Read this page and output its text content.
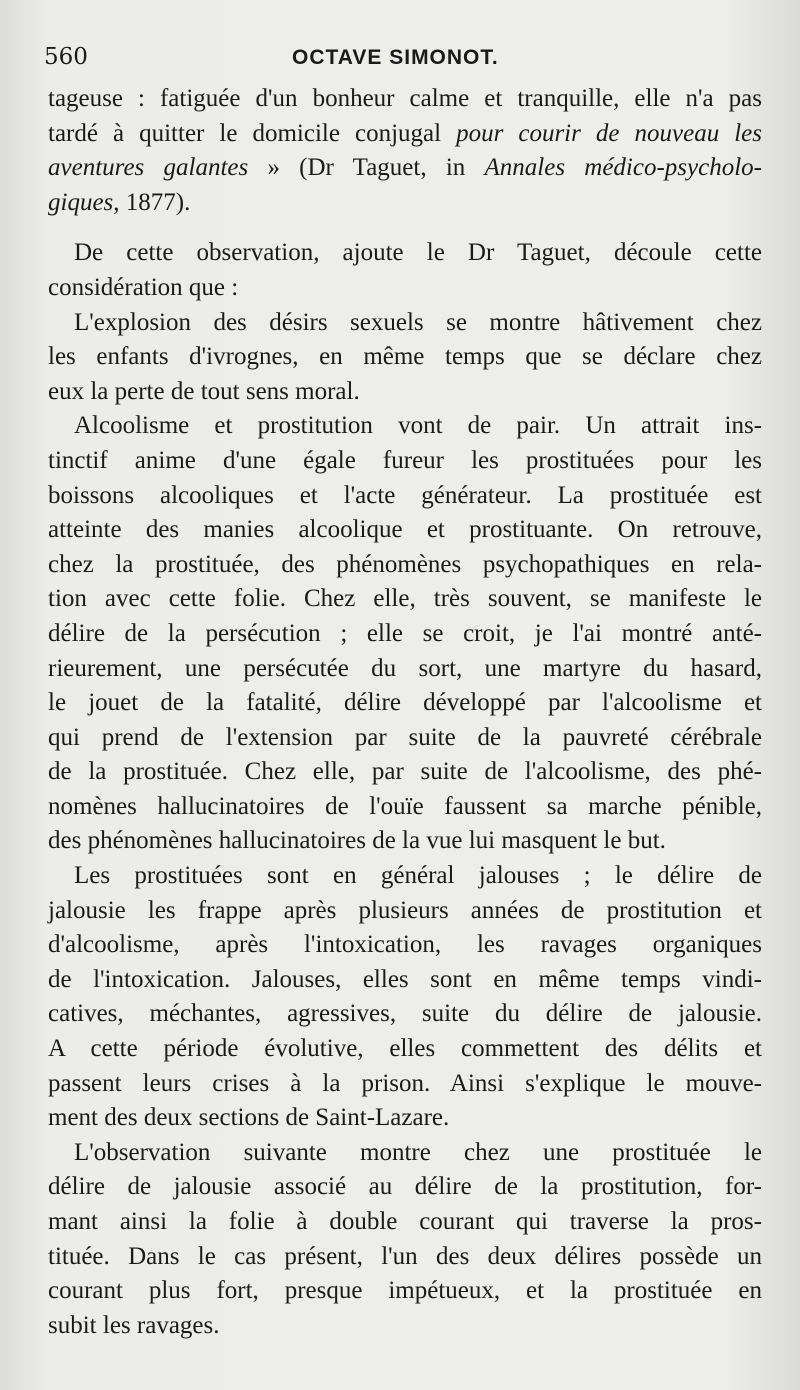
560	OCTAVE SIMONOT.
tageuse : fatiguée d'un bonheur calme et tranquille, elle n'a pas
tardé à quitter le domicile conjugal pour courir de nouveau les
aventures galantes » (Dr Taguet, in Annales médico-psycholo-
giques, 1877).
De cette observation, ajoute le Dr Taguet, découle cette
considération que :
L'explosion des désirs sexuels se montre hâtivement chez
les enfants d'ivrognes, en même temps que se déclare chez
eux la perte de tout sens moral.
Alcoolisme et prostitution vont de pair. Un attrait ins-
tinctif anime d'une égale fureur les prostituées pour les
boissons alcooliques et l'acte générateur. La prostituée est
atteinte des manies alcoolique et prostituante. On retrouve,
chez la prostituée, des phénomènes psychopathiques en rela-
tion avec cette folie. Chez elle, très souvent, se manifeste le
délire de la persécution ; elle se croit, je l'ai montré anté-
rieurement, une persécutée du sort, une martyre du hasard,
le jouet de la fatalité, délire développé par l'alcoolisme et
qui prend de l'extension par suite de la pauvreté cérébrale
de la prostituée. Chez elle, par suite de l'alcoolisme, des phé-
nomènes hallucinatoires de l'ouïe faussent sa marche pénible,
des phénomènes hallucinatoires de la vue lui masquent le but.
Les prostituées sont en général jalouses ; le délire de
jalousie les frappe après plusieurs années de prostitution et
d'alcoolisme, après l'intoxication, les ravages organiques
de l'intoxication. Jalouses, elles sont en même temps vindi-
catives, méchantes, agressives, suite du délire de jalousie.
A cette période évolutive, elles commettent des délits et
passent leurs crises à la prison. Ainsi s'explique le mouve-
ment des deux sections de Saint-Lazare.
L'observation suivante montre chez une prostituée le
délire de jalousie associé au délire de la prostitution, for-
mant ainsi la folie à double courant qui traverse la pros-
tituée. Dans le cas présent, l'un des deux délires possède un
courant plus fort, presque impétueux, et la prostituée en
subit les ravages.
